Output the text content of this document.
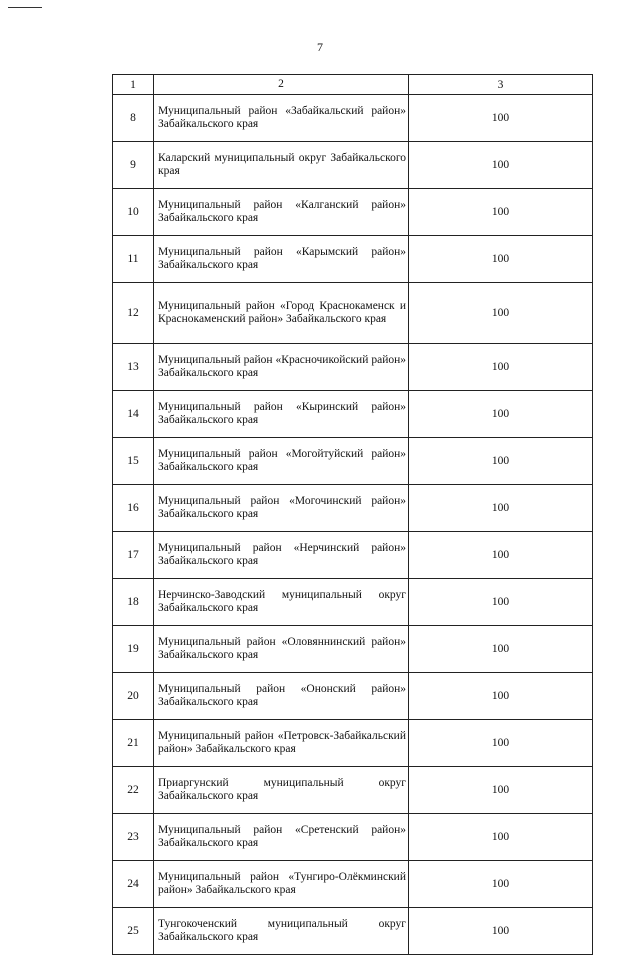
7
1	2	3
8	Муниципальный район «Забайкальский район» Забайкальского края	100
9	Каларский муниципальный округ Забайкальского края	100
10	Муниципальный район «Калганский район» Забайкальского края	100
11	Муниципальный район «Карымский район» Забайкальского края	100
12	Муниципальный район «Город Краснокаменск и Краснокаменский район» Забайкальского края	100
13	Муниципальный район «Красночикойский район» Забайкальского края	100
14	Муниципальный район «Кыринский район» Забайкальского края	100
15	Муниципальный район «Могойтуйский район» Забайкальского края	100
16	Муниципальный район «Могочинский район» Забайкальского края	100
17	Муниципальный район «Нерчинский район» Забайкальского края	100
18	Нерчинско-Заводский муниципальный округ Забайкальского края	100
19	Муниципальный район «Оловяннинский район» Забайкальского края	100
20	Муниципальный район «Ононский район» Забайкальского края	100
21	Муниципальный район «Петровск-Забайкальский район» Забайкальского края	100
22	Приаргунский муниципальный округ Забайкальского края	100
23	Муниципальный район «Сретенский район» Забайкальского края	100
24	Муниципальный район «Тунгиро-Олёкминский район» Забайкальского края	100
25	Тунгокоченский муниципальный округ Забайкальского края	100
